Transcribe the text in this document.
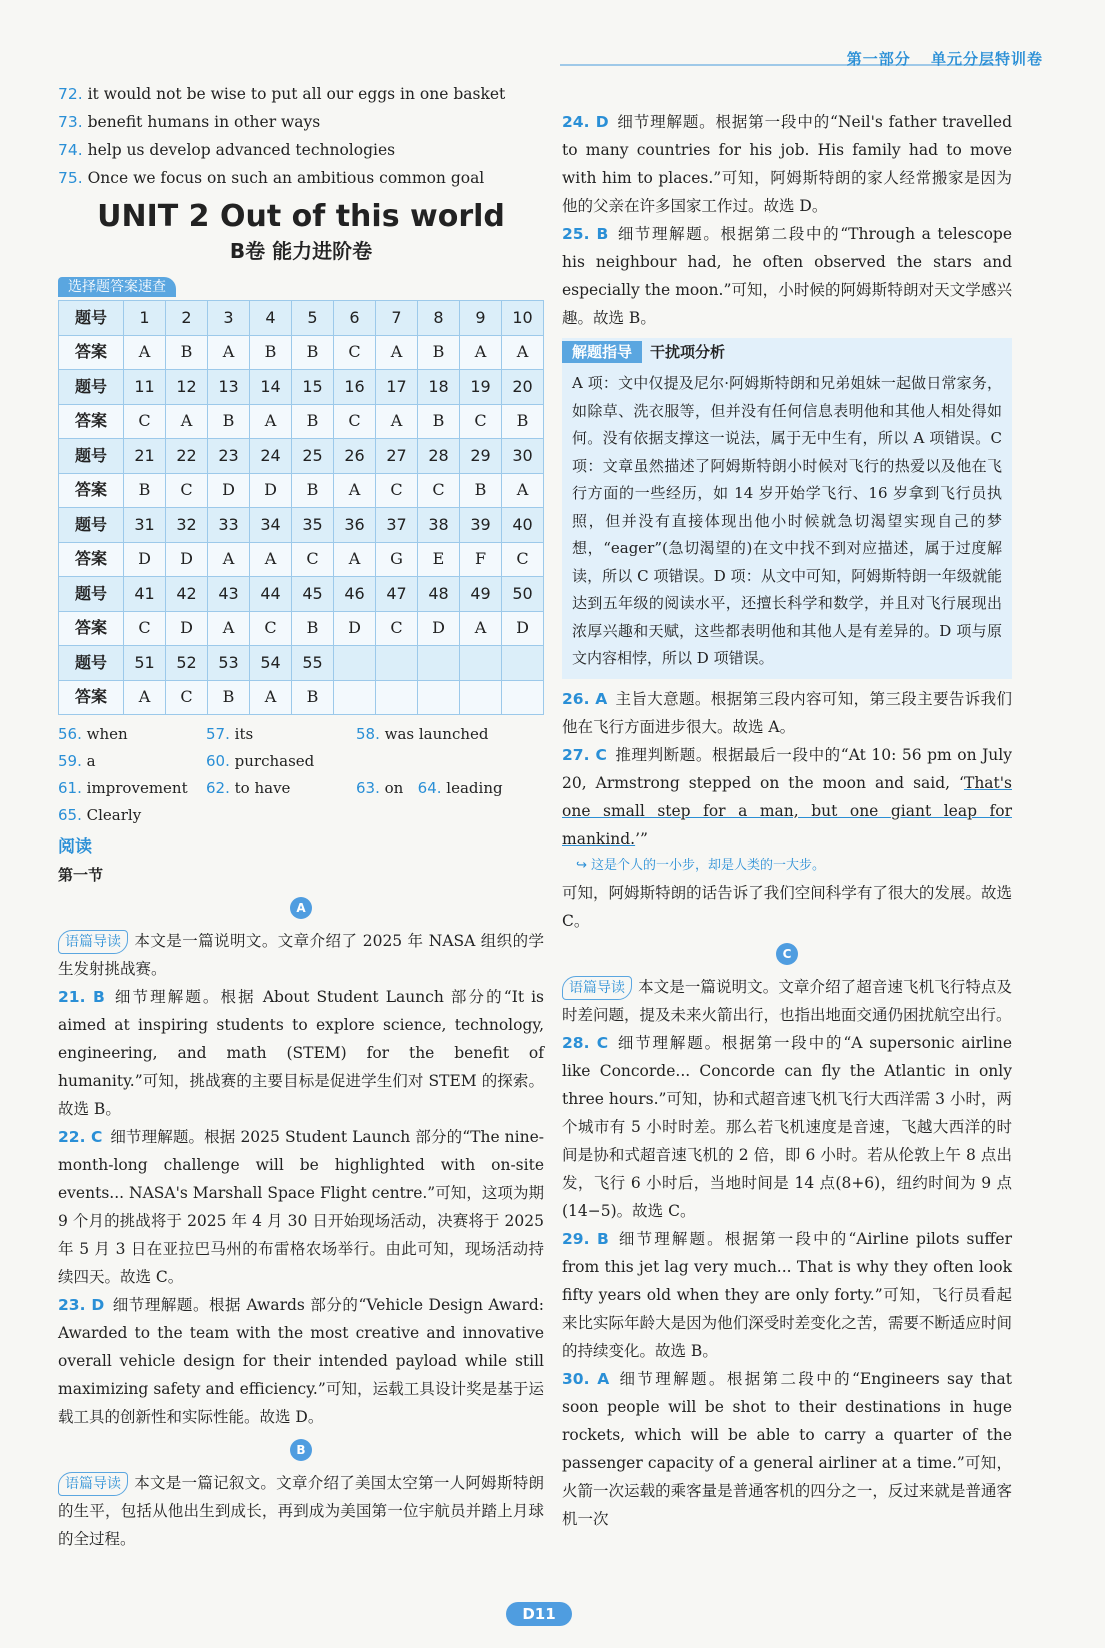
第一部分 单元分层特训卷
72. it would not be wise to put all our eggs in one basket
73. benefit humans in other ways
74. help us develop advanced technologies
75. Once we focus on such an ambitious common goal
UNIT 2 Out of this world
B卷 能力进阶卷
选择题答案速查
题号	1	2	3	4	5	6	7	8	9	10
答案	A	B	A	B	B	C	A	B	A	A
题号	11	12	13	14	15	16	17	18	19	20
答案	C	A	B	A	B	C	A	B	C	B
题号	21	22	23	24	25	26	27	28	29	30
答案	B	C	D	D	B	A	C	C	B	A
题号	31	32	33	34	35	36	37	38	39	40
答案	D	D	A	A	C	A	G	E	F	C
题号	41	42	43	44	45	46	47	48	49	50
答案	C	D	A	C	B	D	C	D	A	D
题号	51	52	53	54	55					
答案	A	C	B	A	B					
56. when	57. its	58. was launched
59. a	60. purchased
61. improvement	62. to have	63. on 64. leading
65. Clearly
阅读
第一节
A
语篇导读 本文是一篇说明文。文章介绍了 2025 年 NASA 组织的学生发射挑战赛。
21. B 细节理解题。根据 About Student Launch 部分的“It is aimed at inspiring students to explore science, technology, engineering, and math (STEM) for the benefit of humanity.”可知，挑战赛的主要目标是促进学生们对 STEM 的探索。故选 B。
22. C 细节理解题。根据 2025 Student Launch 部分的“The nine-month-long challenge will be highlighted with on-site events... NASA's Marshall Space Flight centre.”可知，这项为期 9 个月的挑战将于 2025 年 4 月 30 日开始现场活动，决赛将于 2025 年 5 月 3 日在亚拉巴马州的布雷格农场举行。由此可知，现场活动持续四天。故选 C。
23. D 细节理解题。根据 Awards 部分的“Vehicle Design Award: Awarded to the team with the most creative and innovative overall vehicle design for their intended payload while still maximizing safety and efficiency.”可知，运载工具设计奖是基于运载工具的创新性和实际性能。故选 D。
B
语篇导读 本文是一篇记叙文。文章介绍了美国太空第一人阿姆斯特朗的生平，包括从他出生到成长，再到成为美国第一位宇航员并踏上月球的全过程。
24. D 细节理解题。根据第一段中的“Neil's father travelled to many countries for his job. His family had to move with him to places.”可知，阿姆斯特朗的家人经常搬家是因为他的父亲在许多国家工作过。故选 D。
25. B 细节理解题。根据第二段中的“Through a telescope his neighbour had, he often observed the stars and especially the moon.”可知，小时候的阿姆斯特朗对天文学感兴趣。故选 B。
解题指导 干扰项分析
A 项：文中仅提及尼尔·阿姆斯特朗和兄弟姐妹一起做日常家务，如除草、洗衣服等，但并没有任何信息表明他和其他人相处得如何。没有依据支撑这一说法，属于无中生有，所以 A 项错误。C 项：文章虽然描述了阿姆斯特朗小时候对飞行的热爱以及他在飞行方面的一些经历，如 14 岁开始学飞行、16 岁拿到飞行员执照，但并没有直接体现出他小时候就急切渴望实现自己的梦想，“eager”(急切渴望的)在文中找不到对应描述，属于过度解读，所以 C 项错误。D 项：从文中可知，阿姆斯特朗一年级就能达到五年级的阅读水平，还擅长科学和数学，并且对飞行展现出浓厚兴趣和天赋，这些都表明他和其他人是有差异的。D 项与原文内容相悖，所以 D 项错误。
26. A 主旨大意题。根据第三段内容可知，第三段主要告诉我们他在飞行方面进步很大。故选 A。
27. C 推理判断题。根据最后一段中的“At 10: 56 pm on July 20, Armstrong stepped on the moon and said, ‘That's one small step for a man, but one giant leap for mankind.’”
↪ 这是个人的一小步，却是人类的一大步。
可知，阿姆斯特朗的话告诉了我们空间科学有了很大的发展。故选 C。
C
语篇导读 本文是一篇说明文。文章介绍了超音速飞机飞行特点及时差问题，提及未来火箭出行，也指出地面交通仍困扰航空出行。
28. C 细节理解题。根据第一段中的“A supersonic airline like Concorde... Concorde can fly the Atlantic in only three hours.”可知，协和式超音速飞机飞行大西洋需 3 小时，两个城市有 5 小时时差。那么若飞机速度是音速，飞越大西洋的时间是协和式超音速飞机的 2 倍，即 6 小时。若从伦敦上午 8 点出发，飞行 6 小时后，当地时间是 14 点(8+6)，纽约时间为 9 点(14−5)。故选 C。
29. B 细节理解题。根据第一段中的“Airline pilots suffer from this jet lag very much... That is why they often look fifty years old when they are only forty.”可知，飞行员看起来比实际年龄大是因为他们深受时差变化之苦，需要不断适应时间的持续变化。故选 B。
30. A 细节理解题。根据第二段中的“Engineers say that soon people will be shot to their destinations in huge rockets, which will be able to carry a quarter of the passenger capacity of a general airliner at a time.”可知，火箭一次运载的乘客量是普通客机的四分之一，反过来就是普通客机一次
D11
